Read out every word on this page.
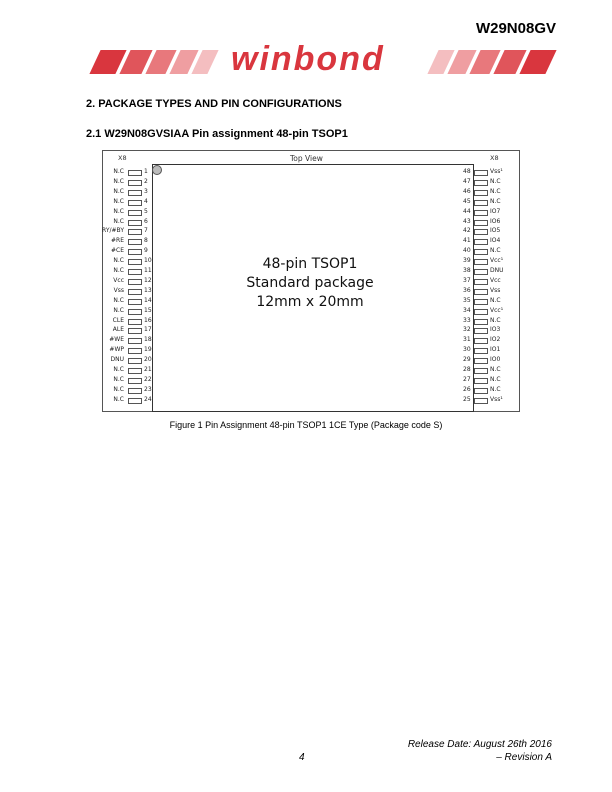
W29N08GV
winbond
2. PACKAGE TYPES AND PIN CONFIGURATIONS
2.1 W29N08GVSIAA Pin assignment 48-pin TSOP1
X8	Top View	X8
48-pin TSOP1
Standard package
12mm x 20mm
N.C	1
N.C	2
N.C	3
N.C	4
N.C	5
N.C	6
RY/#BY	7
#RE	8
#CE	9
N.C	10
N.C	11
Vcc	12
Vss	13
N.C	14
N.C	15
CLE	16
ALE	17
#WE	18
#WP	19
DNU	20
N.C	21
N.C	22
N.C	23
N.C	24
48	Vss¹
47	N.C
46	N.C
45	N.C
44	IO7
43	IO6
42	IO5
41	IO4
40	N.C
39	Vcc¹
38	DNU
37	Vcc
36	Vss
35	N.C
34	Vcc¹
33	N.C
32	IO3
31	IO2
30	IO1
29	IO0
28	N.C
27	N.C
26	N.C
25	Vss¹
Figure 1 Pin Assignment 48-pin TSOP1 1CE Type (Package code S)
Release Date: August 26th 2016
4	– Revision A
